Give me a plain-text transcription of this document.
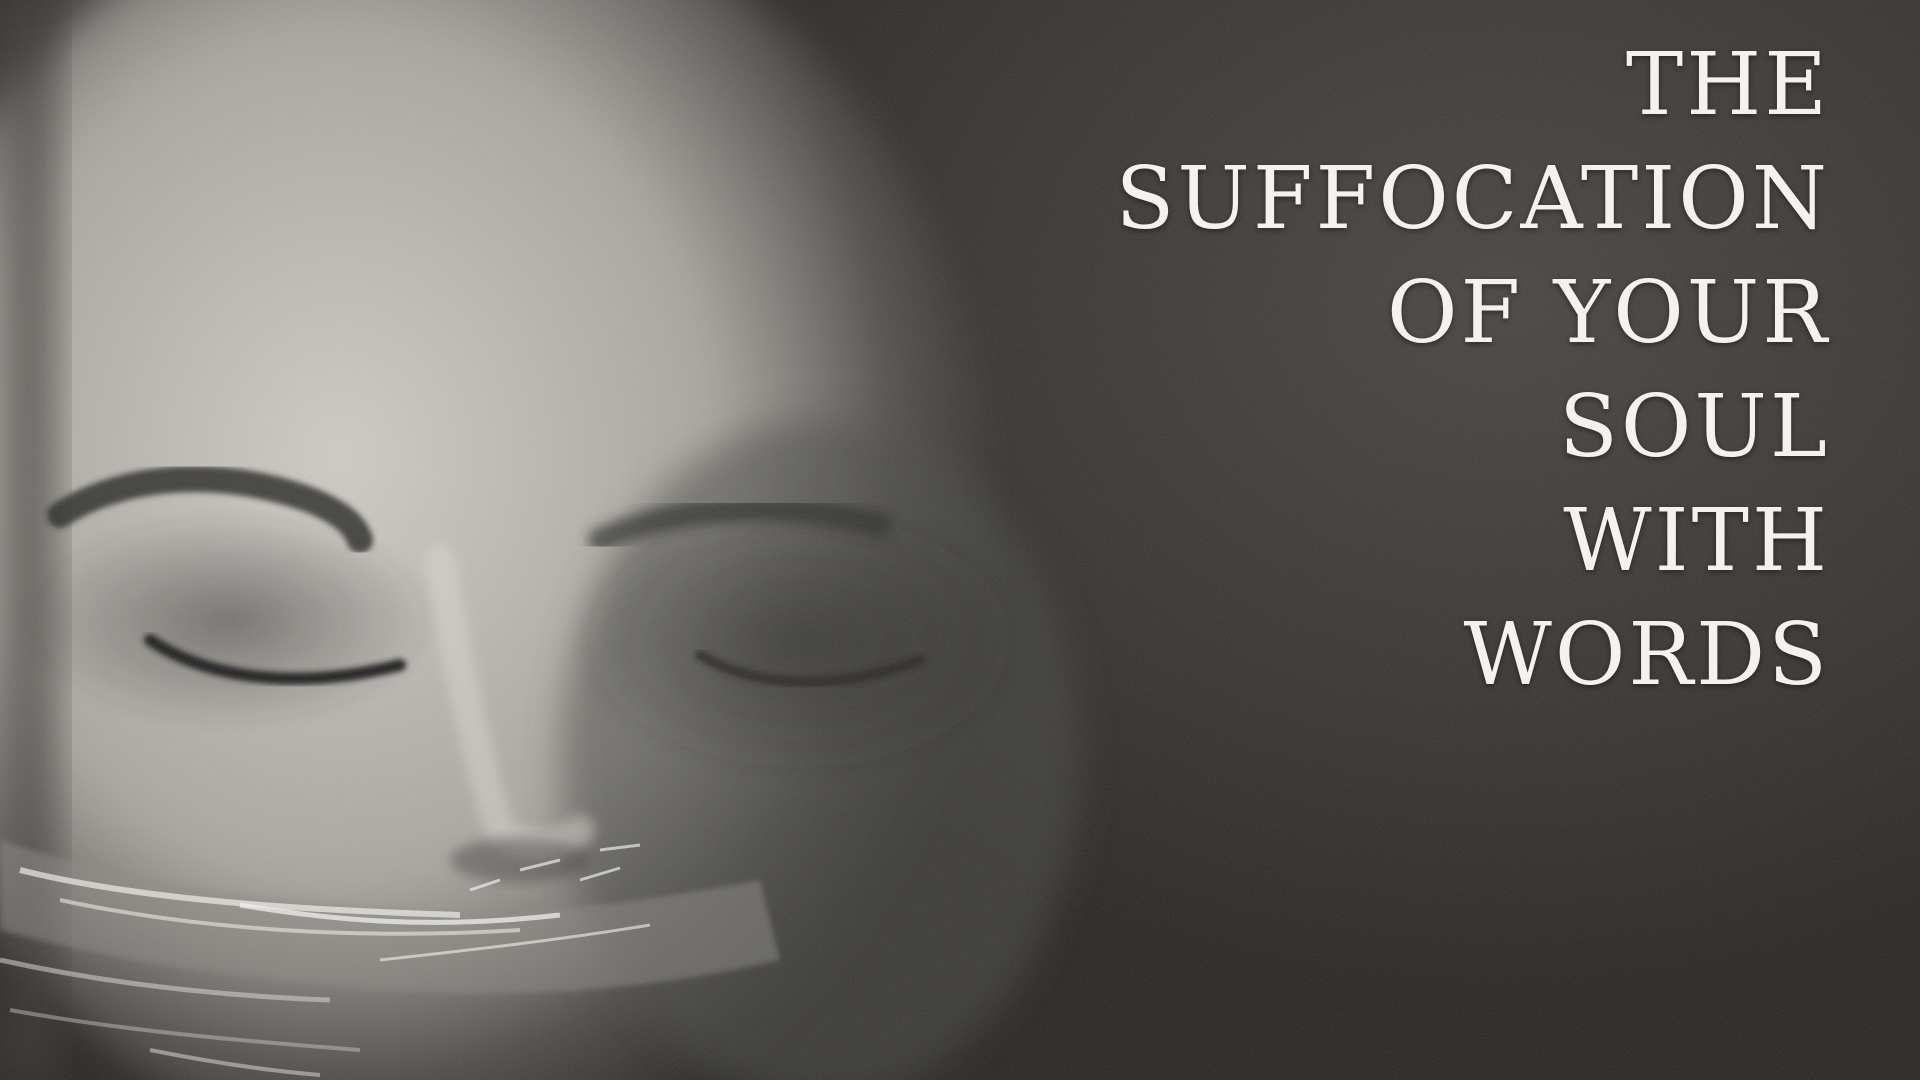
THE
SUFFOCATION
OF YOUR
SOUL
WITH
WORDS
